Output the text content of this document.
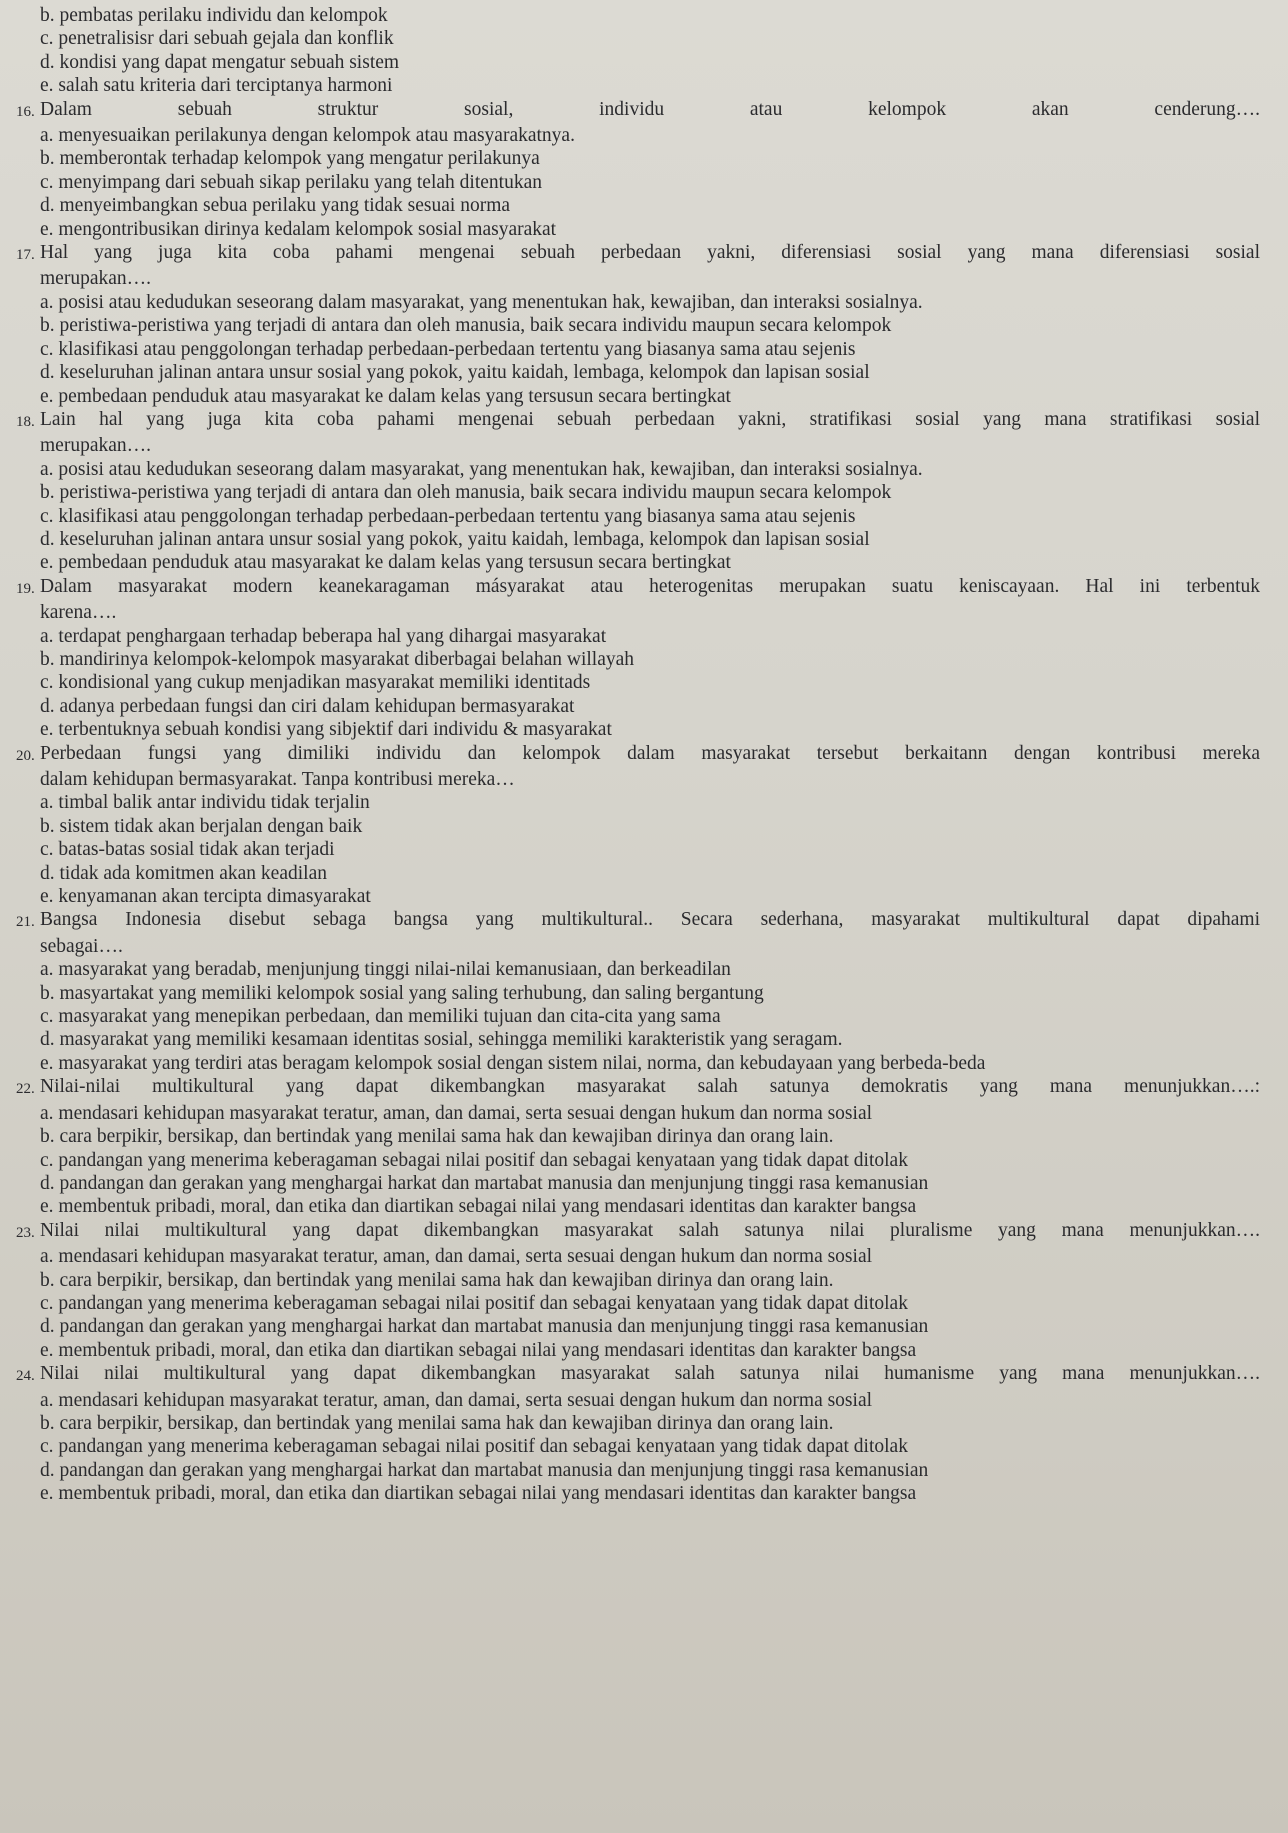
b. pembatas perilaku individu dan kelompok
c. penetralisisr dari sebuah gejala dan konflik
d. kondisi yang dapat mengatur sebuah sistem
e. salah satu kriteria dari terciptanya harmoni
16. Dalam sebuah struktur sosial, individu atau kelompok akan cenderung….
a. menyesuaikan perilakunya dengan kelompok atau masyarakatnya.
b. memberontak terhadap kelompok yang mengatur perilakunya
c. menyimpang dari sebuah sikap perilaku yang telah ditentukan
d. menyeimbangkan sebua perilaku yang tidak sesuai norma
e. mengontribusikan dirinya kedalam kelompok sosial masyarakat
17. Hal yang juga kita coba pahami mengenai sebuah perbedaan yakni, diferensiasi sosial yang mana diferensiasi sosial
merupakan….
a. posisi atau kedudukan seseorang dalam masyarakat, yang menentukan hak, kewajiban, dan interaksi sosialnya.
b. peristiwa-peristiwa yang terjadi di antara dan oleh manusia, baik secara individu maupun secara kelompok
c. klasifikasi atau penggolongan terhadap perbedaan-perbedaan tertentu yang biasanya sama atau sejenis
d. keseluruhan jalinan antara unsur sosial yang pokok, yaitu kaidah, lembaga, kelompok dan lapisan sosial
e. pembedaan penduduk atau masyarakat ke dalam kelas yang tersusun secara bertingkat
18. Lain hal yang juga kita coba pahami mengenai sebuah perbedaan yakni, stratifikasi sosial yang mana stratifikasi sosial
merupakan….
a. posisi atau kedudukan seseorang dalam masyarakat, yang menentukan hak, kewajiban, dan interaksi sosialnya.
b. peristiwa-peristiwa yang terjadi di antara dan oleh manusia, baik secara individu maupun secara kelompok
c. klasifikasi atau penggolongan terhadap perbedaan-perbedaan tertentu yang biasanya sama atau sejenis
d. keseluruhan jalinan antara unsur sosial yang pokok, yaitu kaidah, lembaga, kelompok dan lapisan sosial
e. pembedaan penduduk atau masyarakat ke dalam kelas yang tersusun secara bertingkat
19. Dalam masyarakat modern keanekaragaman másyarakat atau heterogenitas merupakan suatu keniscayaan. Hal ini terbentuk
karena….
a. terdapat penghargaan terhadap beberapa hal yang dihargai masyarakat
b. mandirinya kelompok-kelompok masyarakat diberbagai belahan willayah
c. kondisional yang cukup menjadikan masyarakat memiliki identitads
d. adanya perbedaan fungsi dan ciri dalam kehidupan bermasyarakat
e. terbentuknya sebuah kondisi yang sibjektif dari individu & masyarakat
20. Perbedaan fungsi yang dimiliki individu dan kelompok dalam masyarakat tersebut berkaitann dengan kontribusi mereka
dalam kehidupan bermasyarakat. Tanpa kontribusi mereka…
a. timbal balik antar individu tidak terjalin
b. sistem tidak akan berjalan dengan baik
c. batas-batas sosial tidak akan terjadi
d. tidak ada komitmen akan keadilan
e. kenyamanan akan tercipta dimasyarakat
21. Bangsa Indonesia disebut sebaga bangsa yang multikultural.. Secara sederhana, masyarakat multikultural dapat dipahami
sebagai….
a. masyarakat yang beradab, menjunjung tinggi nilai-nilai kemanusiaan, dan berkeadilan
b. masyartakat yang memiliki kelompok sosial yang saling terhubung, dan saling bergantung
c. masyarakat yang menepikan perbedaan, dan memiliki tujuan dan cita-cita yang sama
d. masyarakat yang memiliki kesamaan identitas sosial, sehingga memiliki karakteristik yang seragam.
e. masyarakat yang terdiri atas beragam kelompok sosial dengan sistem nilai, norma, dan kebudayaan yang berbeda-beda
22. Nilai-nilai multikultural yang dapat dikembangkan masyarakat salah satunya demokratis yang mana menunjukkan….:
a. mendasari kehidupan masyarakat teratur, aman, dan damai, serta sesuai dengan hukum dan norma sosial
b. cara berpikir, bersikap, dan bertindak yang menilai sama hak dan kewajiban dirinya dan orang lain.
c. pandangan yang menerima keberagaman sebagai nilai positif dan sebagai kenyataan yang tidak dapat ditolak
d. pandangan dan gerakan yang menghargai harkat dan martabat manusia dan menjunjung tinggi rasa kemanusian
e. membentuk pribadi, moral, dan etika dan diartikan sebagai nilai yang mendasari identitas dan karakter bangsa
23. Nilai nilai multikultural yang dapat dikembangkan masyarakat salah satunya nilai pluralisme yang mana menunjukkan….
a. mendasari kehidupan masyarakat teratur, aman, dan damai, serta sesuai dengan hukum dan norma sosial
b. cara berpikir, bersikap, dan bertindak yang menilai sama hak dan kewajiban dirinya dan orang lain.
c. pandangan yang menerima keberagaman sebagai nilai positif dan sebagai kenyataan yang tidak dapat ditolak
d. pandangan dan gerakan yang menghargai harkat dan martabat manusia dan menjunjung tinggi rasa kemanusian
e. membentuk pribadi, moral, dan etika dan diartikan sebagai nilai yang mendasari identitas dan karakter bangsa
24. Nilai nilai multikultural yang dapat dikembangkan masyarakat salah satunya nilai humanisme yang mana menunjukkan….
a. mendasari kehidupan masyarakat teratur, aman, dan damai, serta sesuai dengan hukum dan norma sosial
b. cara berpikir, bersikap, dan bertindak yang menilai sama hak dan kewajiban dirinya dan orang lain.
c. pandangan yang menerima keberagaman sebagai nilai positif dan sebagai kenyataan yang tidak dapat ditolak
d. pandangan dan gerakan yang menghargai harkat dan martabat manusia dan menjunjung tinggi rasa kemanusian
e. membentuk pribadi, moral, dan etika dan diartikan sebagai nilai yang mendasari identitas dan karakter bangsa
